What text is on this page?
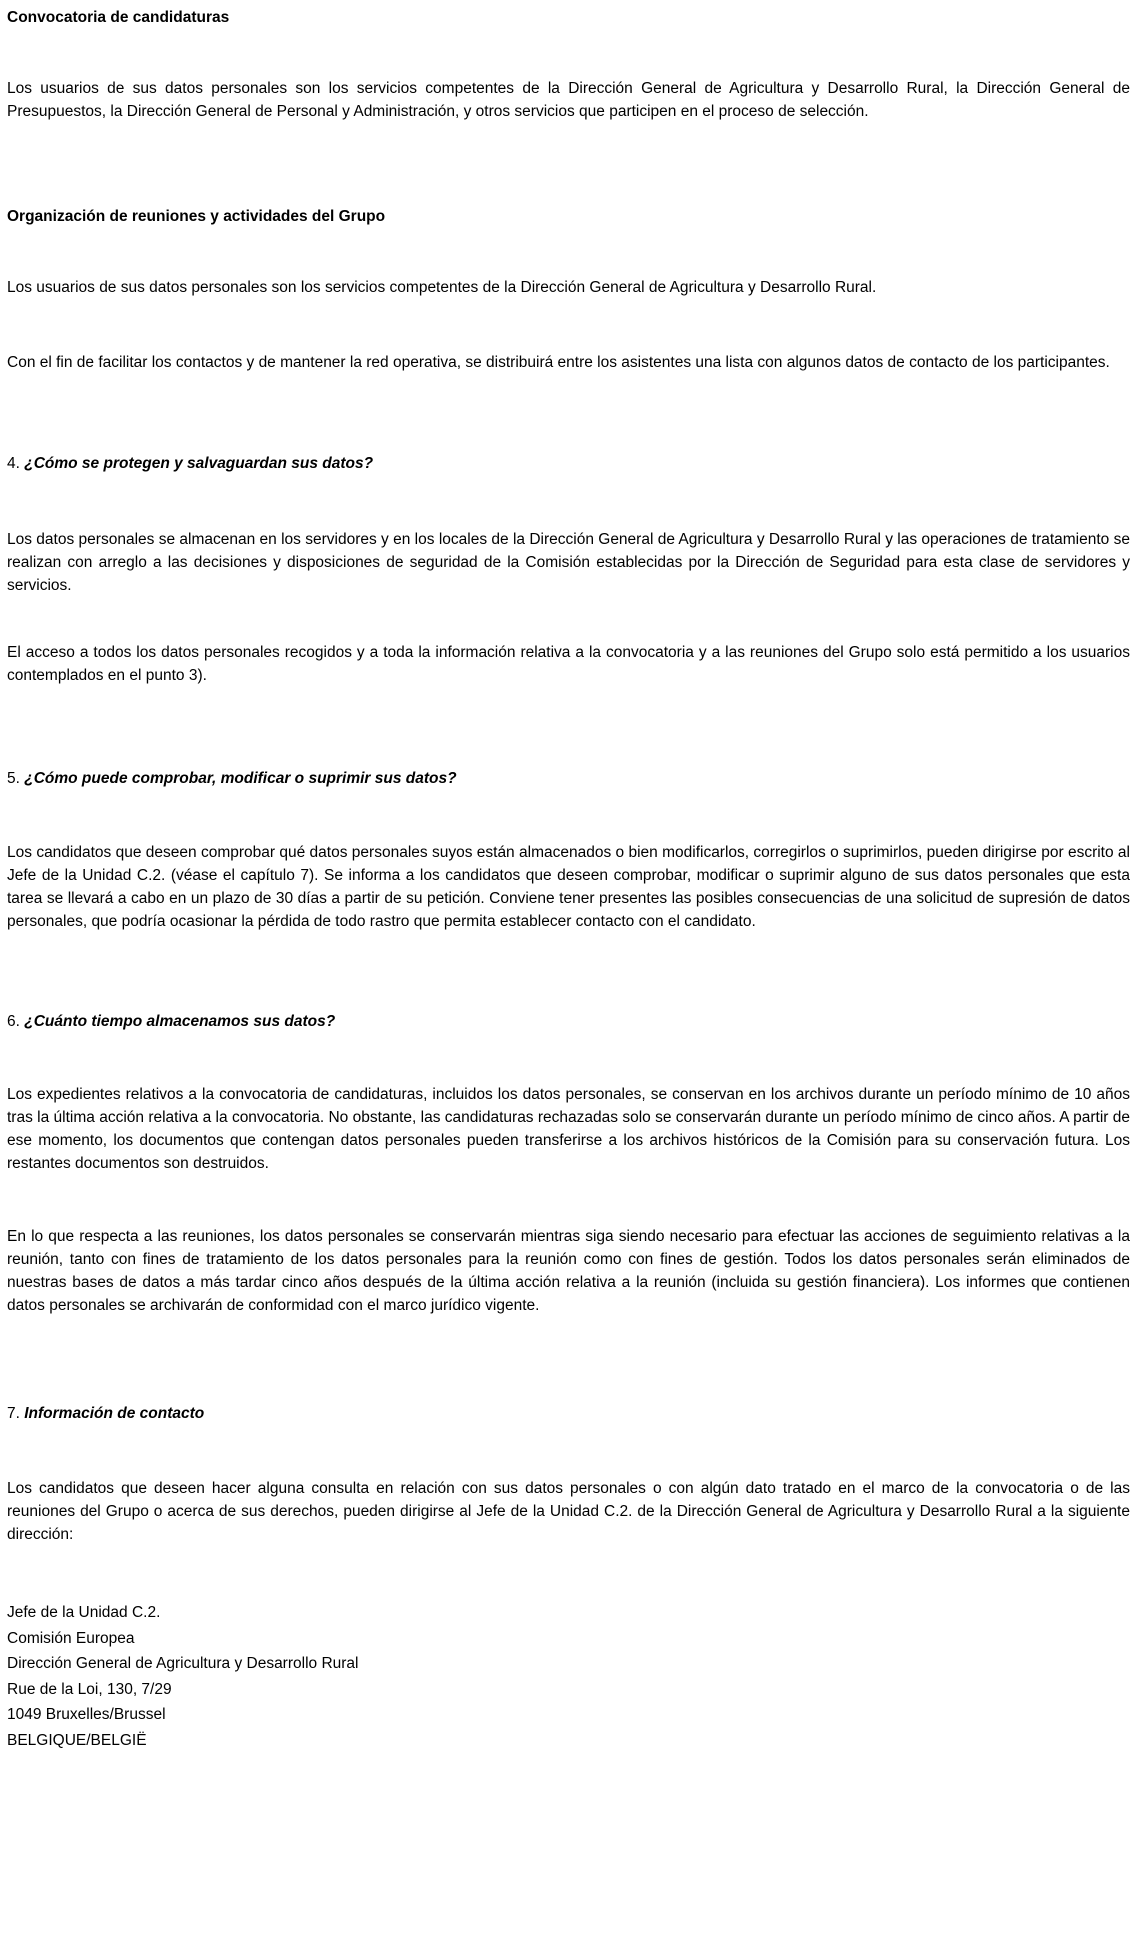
Convocatoria de candidaturas

Los usuarios de sus datos personales son los servicios competentes de la Dirección General de Agricultura y Desarrollo Rural, la Dirección General de Presupuestos, la Dirección General de Personal y Administración, y otros servicios que participen en el proceso de selección.

Organización de reuniones y actividades del Grupo

Los usuarios de sus datos personales son los servicios competentes de la Dirección General de Agricultura y Desarrollo Rural.

Con el fin de facilitar los contactos y de mantener la red operativa, se distribuirá entre los asistentes una lista con algunos datos de contacto de los participantes.

4. ¿Cómo se protegen y salvaguardan sus datos?

Los datos personales se almacenan en los servidores y en los locales de la Dirección General de Agricultura y Desarrollo Rural y las operaciones de tratamiento se realizan con arreglo a las decisiones y disposiciones de seguridad de la Comisión establecidas por la Dirección de Seguridad para esta clase de servidores y servicios.

El acceso a todos los datos personales recogidos y a toda la información relativa a la convocatoria y a las reuniones del Grupo solo está permitido a los usuarios contemplados en el punto 3).

5. ¿Cómo puede comprobar, modificar o suprimir sus datos?

Los candidatos que deseen comprobar qué datos personales suyos están almacenados o bien modificarlos, corregirlos o suprimirlos, pueden dirigirse por escrito al Jefe de la Unidad C.2. (véase el capítulo 7). Se informa a los candidatos que deseen comprobar, modificar o suprimir alguno de sus datos personales que esta tarea se llevará a cabo en un plazo de 30 días a partir de su petición. Conviene tener presentes las posibles consecuencias de una solicitud de supresión de datos personales, que podría ocasionar la pérdida de todo rastro que permita establecer contacto con el candidato.

6. ¿Cuánto tiempo almacenamos sus datos?

Los expedientes relativos a la convocatoria de candidaturas, incluidos los datos personales, se conservan en los archivos durante un período mínimo de 10 años tras la última acción relativa a la convocatoria. No obstante, las candidaturas rechazadas solo se conservarán durante un período mínimo de cinco años. A partir de ese momento, los documentos que contengan datos personales pueden transferirse a los archivos históricos de la Comisión para su conservación futura. Los restantes documentos son destruidos.

En lo que respecta a las reuniones, los datos personales se conservarán mientras siga siendo necesario para efectuar las acciones de seguimiento relativas a la reunión, tanto con fines de tratamiento de los datos personales para la reunión como con fines de gestión. Todos los datos personales serán eliminados de nuestras bases de datos a más tardar cinco años después de la última acción relativa a la reunión (incluida su gestión financiera). Los informes que contienen datos personales se archivarán de conformidad con el marco jurídico vigente.

7. Información de contacto

Los candidatos que deseen hacer alguna consulta en relación con sus datos personales o con algún dato tratado en el marco de la convocatoria o de las reuniones del Grupo o acerca de sus derechos, pueden dirigirse al Jefe de la Unidad C.2. de la Dirección General de Agricultura y Desarrollo Rural a la siguiente dirección:

Jefe de la Unidad C.2.
Comisión Europea
Dirección General de Agricultura y Desarrollo Rural
Rue de la Loi, 130, 7/29
1049 Bruxelles/Brussel
BELGIQUE/BELGIË
